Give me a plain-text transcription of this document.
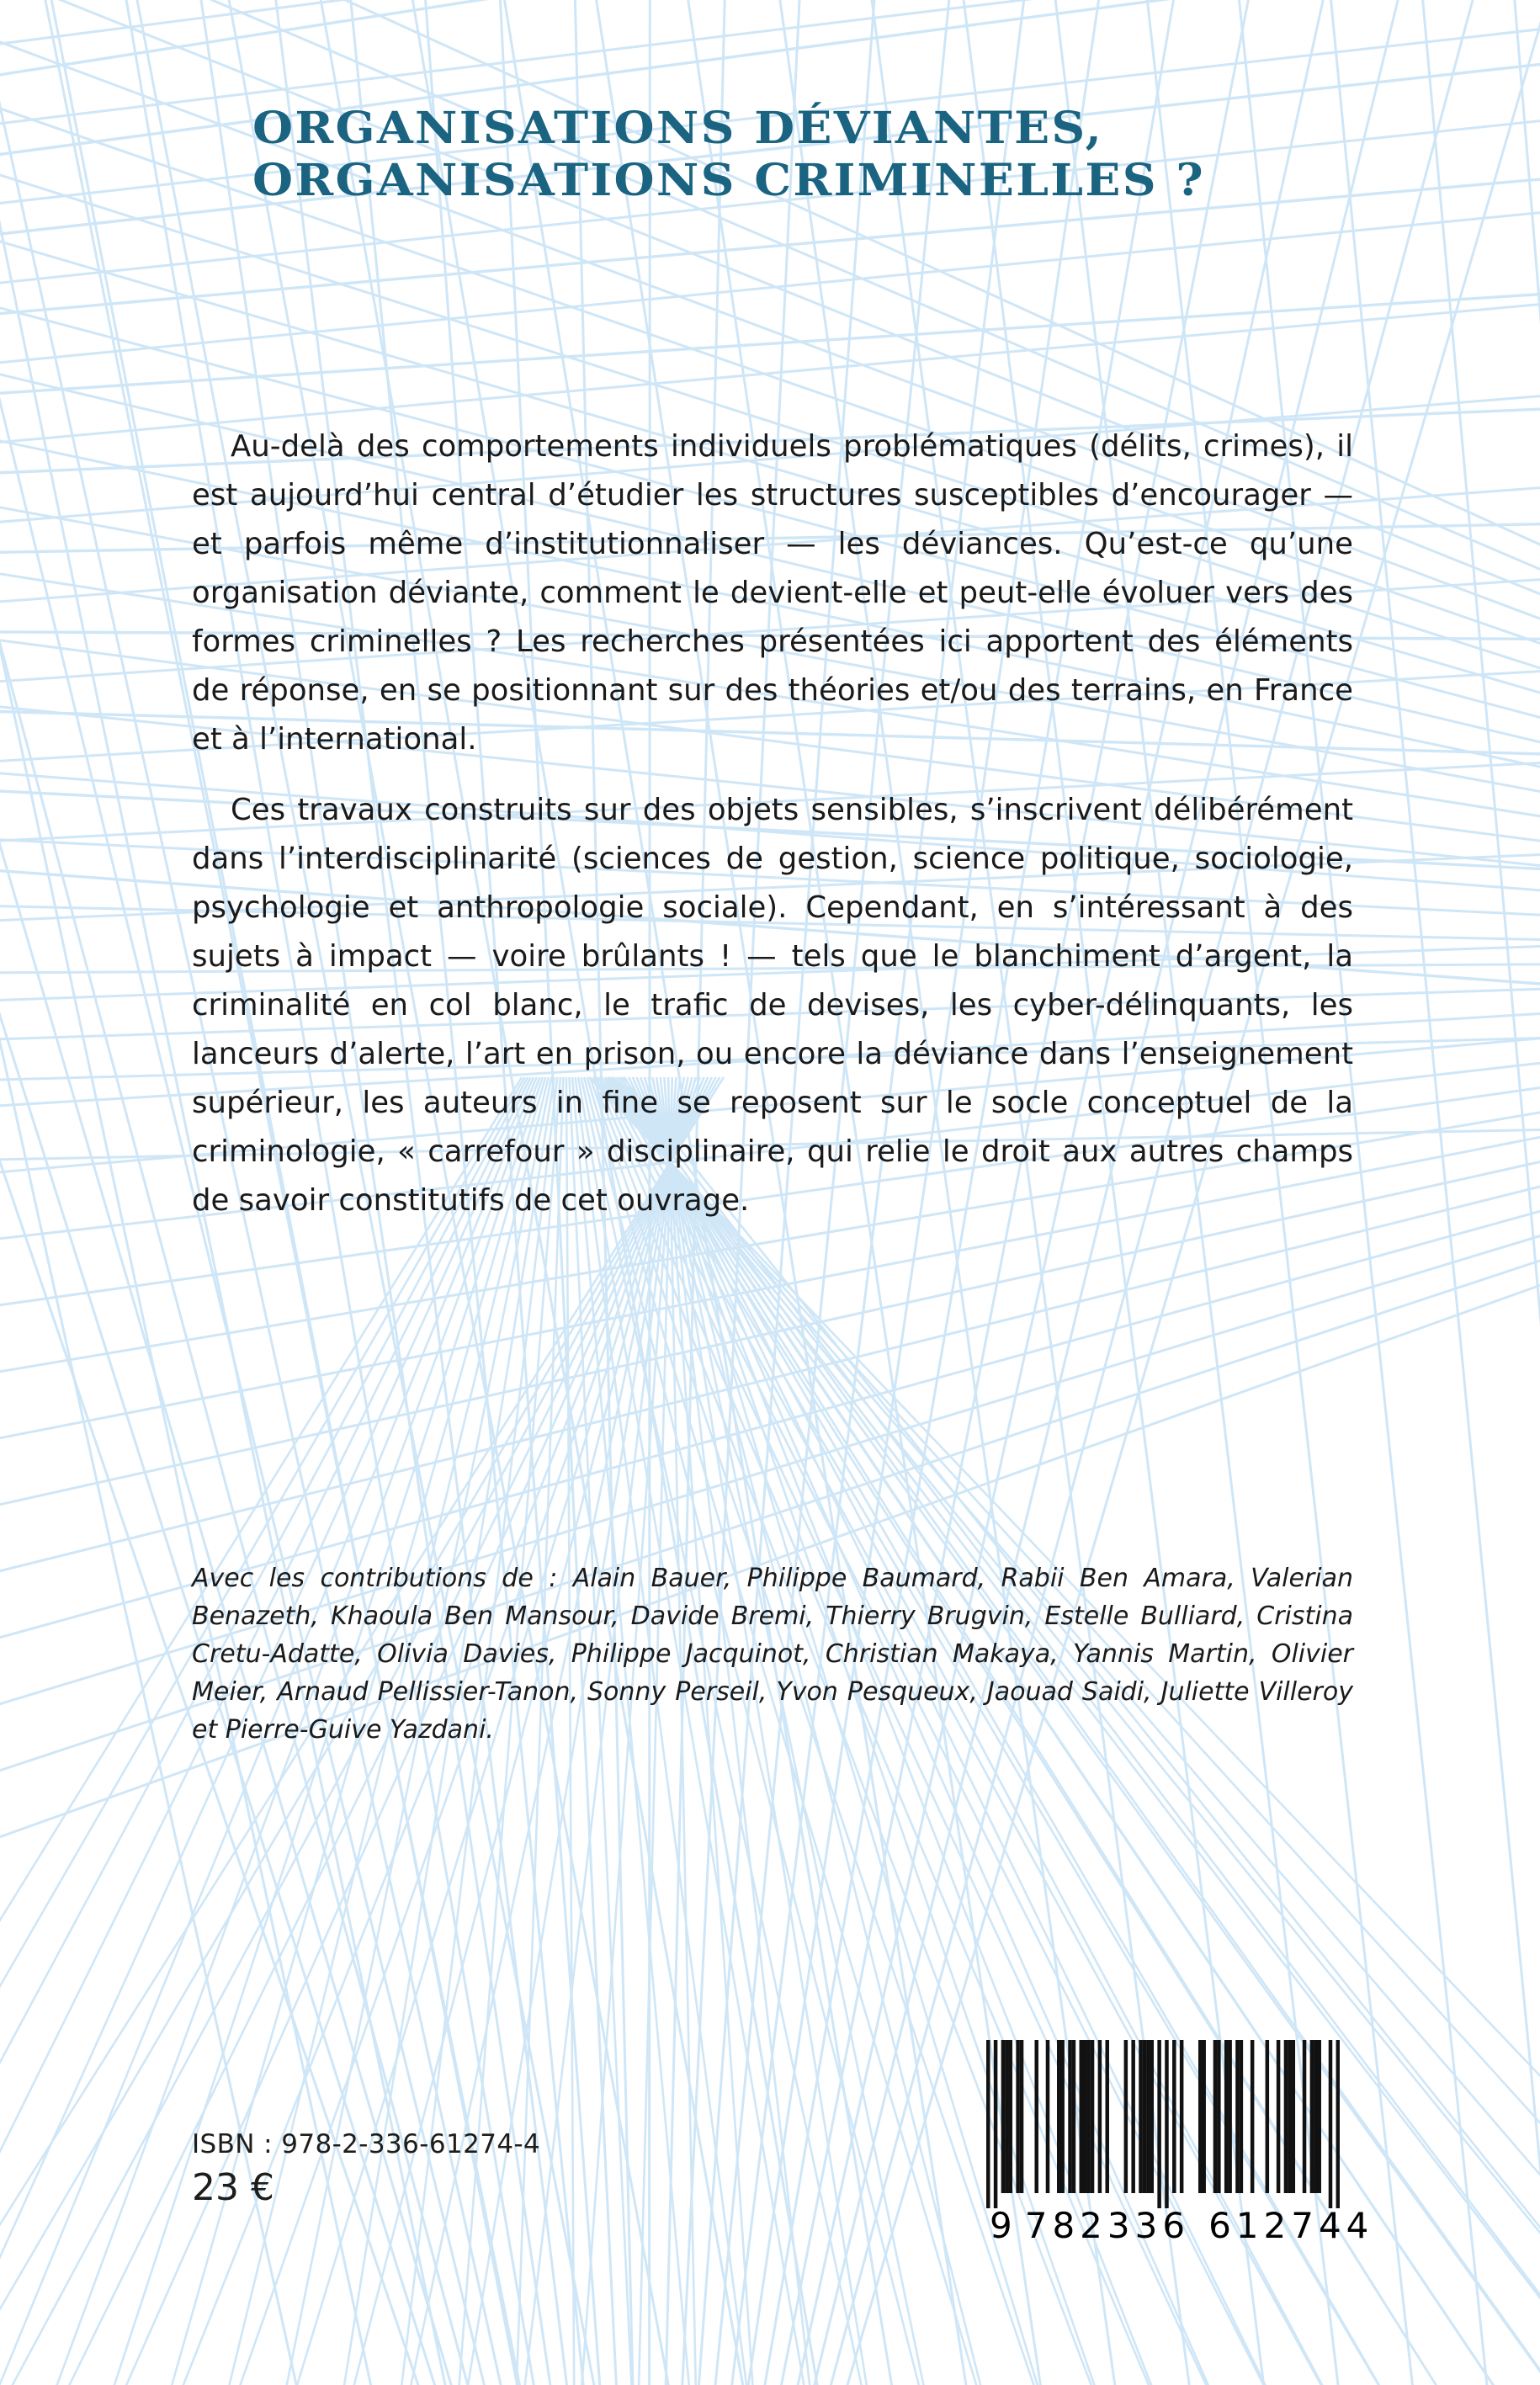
ORGANISATIONS DÉVIANTES,
ORGANISATIONS CRIMINELLES ?

Au-delà des comportements individuels problématiques (délits, crimes), il est aujourd’hui central d’étudier les structures susceptibles d’encourager — et parfois même d’institutionnaliser — les déviances. Qu’est-ce qu’une organisation déviante, comment le devient-elle et peut-elle évoluer vers des formes criminelles ? Les recherches présentées ici apportent des éléments de réponse, en se positionnant sur des théories et/ou des terrains, en France et à l’international.

Ces travaux construits sur des objets sensibles, s’inscrivent délibérément dans l’interdisciplinarité (sciences de gestion, science politique, sociologie, psychologie et anthropologie sociale). Cependant, en s’intéressant à des sujets à impact — voire brûlants ! — tels que le blanchiment d’argent, la criminalité en col blanc, le trafic de devises, les cyber-délinquants, les lanceurs d’alerte, l’art en prison, ou encore la déviance dans l’enseignement supérieur, les auteurs in fine se reposent sur le socle conceptuel de la criminologie, « carrefour » disciplinaire, qui relie le droit aux autres champs de savoir constitutifs de cet ouvrage.

Avec les contributions de : Alain Bauer, Philippe Baumard, Rabii Ben Amara, Valerian Benazeth, Khaoula Ben Mansour, Davide Bremi, Thierry Brugvin, Estelle Bulliard, Cristina Cretu-Adatte, Olivia Davies, Philippe Jacquinot, Christian Makaya, Yannis Martin, Olivier Meier, Arnaud Pellissier-Tanon, Sonny Perseil, Yvon Pesqueux, Jaouad Saidi, Juliette Villeroy et Pierre-Guive Yazdani.

ISBN : 978-2-336-61274-4
23 €
9 782336 612744
